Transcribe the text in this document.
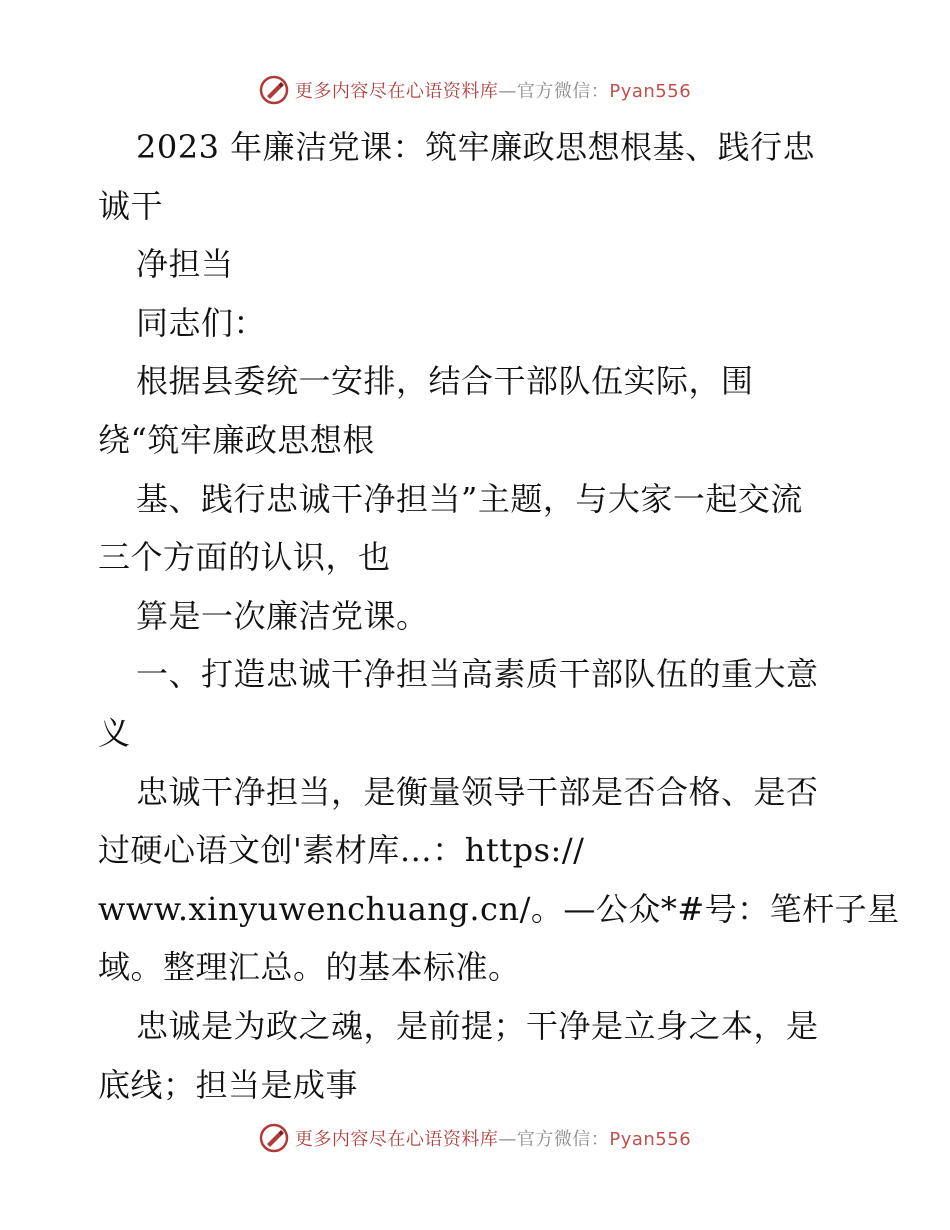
更多内容尽在心语资料库—官方微信：Pyan556
2023 年廉洁党课：筑牢廉政思想根基、践行忠
诚干
净担当
同志们：
根据县委统一安排，结合干部队伍实际，围
绕“筑牢廉政思想根
基、践行忠诚干净担当”主题，与大家一起交流
三个方面的认识，也
算是一次廉洁党课。
一、打造忠诚干净担当高素质干部队伍的重大意
义
忠诚干净担当，是衡量领导干部是否合格、是否
过硬心语文创'素材库…：https://
www.xinyuwenchuang.cn/。—公众*#号：笔杆子星
域。整理汇总。的基本标准。
忠诚是为政之魂，是前提；干净是立身之本，是
底线；担当是成事
更多内容尽在心语资料库—官方微信：Pyan556
